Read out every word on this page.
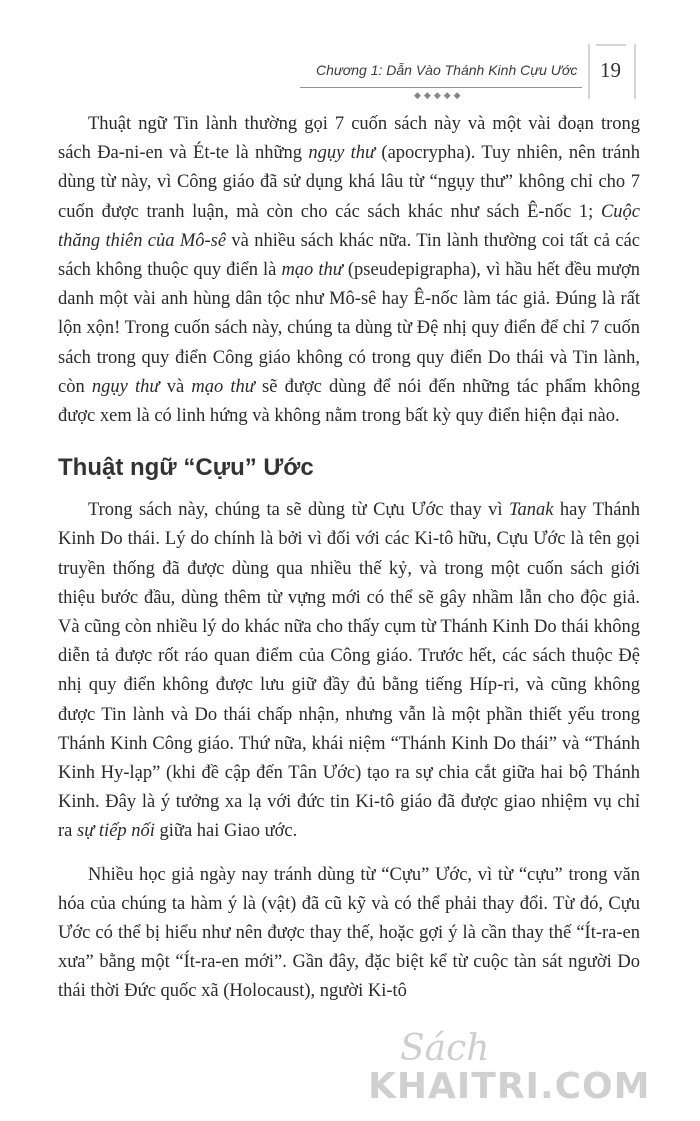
19
Chương 1: Dẫn Vào Thánh Kinh Cựu Ước
◆◆◆◆◆

Thuật ngữ Tin lành thường gọi 7 cuốn sách này và một vài đoạn trong sách Đa-ni-en và Ét-te là những ngụy thư (apocrypha). Tuy nhiên, nên tránh dùng từ này, vì Công giáo đã sử dụng khá lâu từ “ngụy thư” không chỉ cho 7 cuốn được tranh luận, mà còn cho các sách khác như sách Ê-nốc 1; Cuộc thăng thiên của Mô-sê và nhiều sách khác nữa. Tin lành thường coi tất cả các sách không thuộc quy điển là mạo thư (pseudepigrapha), vì hầu hết đều mượn danh một vài anh hùng dân tộc như Mô-sê hay Ê-nốc làm tác giả. Đúng là rất lộn xộn! Trong cuốn sách này, chúng ta dùng từ Đệ nhị quy điển để chỉ 7 cuốn sách trong quy điển Công giáo không có trong quy điển Do thái và Tin lành, còn ngụy thư và mạo thư sẽ được dùng để nói đến những tác phẩm không được xem là có linh hứng và không nằm trong bất kỳ quy điển hiện đại nào.

Thuật ngữ “Cựu” Ước

Trong sách này, chúng ta sẽ dùng từ Cựu Ước thay vì Tanak hay Thánh Kinh Do thái. Lý do chính là bởi vì đối với các Ki-tô hữu, Cựu Ước là tên gọi truyền thống đã được dùng qua nhiều thế kỷ, và trong một cuốn sách giới thiệu bước đầu, dùng thêm từ vựng mới có thể sẽ gây nhầm lẫn cho độc giả. Và cũng còn nhiều lý do khác nữa cho thấy cụm từ Thánh Kinh Do thái không diễn tả được rốt ráo quan điểm của Công giáo. Trước hết, các sách thuộc Đệ nhị quy điển không được lưu giữ đầy đủ bằng tiếng Híp-ri, và cũng không được Tin lành và Do thái chấp nhận, nhưng vẫn là một phần thiết yếu trong Thánh Kinh Công giáo. Thứ nữa, khái niệm “Thánh Kinh Do thái” và “Thánh Kinh Hy-lạp” (khi đề cập đến Tân Ước) tạo ra sự chia cắt giữa hai bộ Thánh Kinh. Đây là ý tưởng xa lạ với đức tin Ki-tô giáo đã được giao nhiệm vụ chỉ ra sự tiếp nối giữa hai Giao ước.

Nhiều học giả ngày nay tránh dùng từ “Cựu” Ước, vì từ “cựu” trong văn hóa của chúng ta hàm ý là (vật) đã cũ kỹ và có thể phải thay đổi. Từ đó, Cựu Ước có thể bị hiểu như nên được thay thế, hoặc gợi ý là cần thay thế “Ít-ra-en xưa” bằng một “Ít-ra-en mới”. Gần đây, đặc biệt kể từ cuộc tàn sát người Do thái thời Đức quốc xã (Holocaust), người Ki-tô

Sách
KHAITRI.COM
